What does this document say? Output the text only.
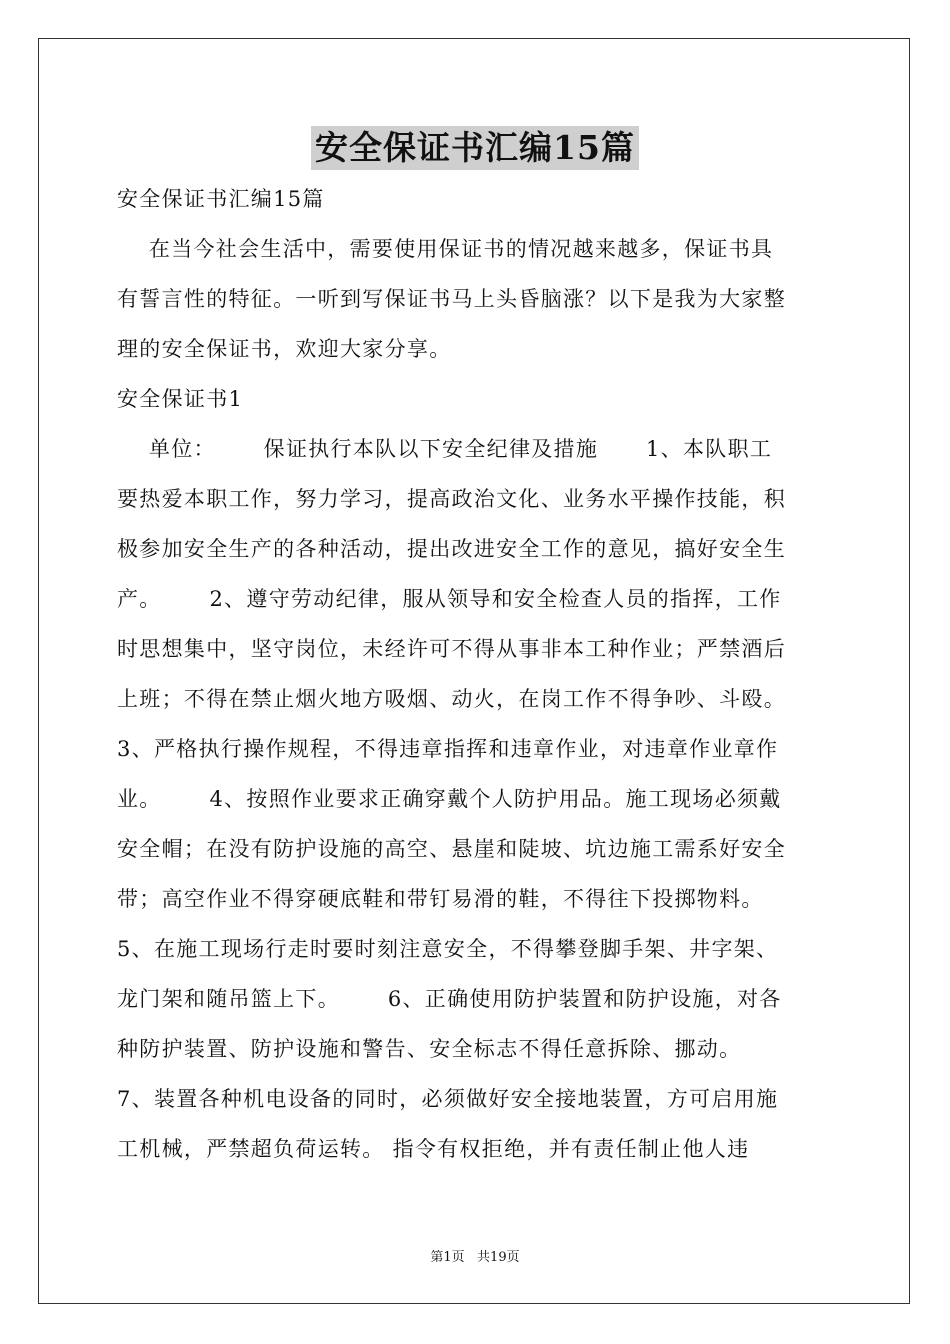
安全保证书汇编15篇
安全保证书汇编15篇
在当今社会生活中，需要使用保证书的情况越来越多，保证书具
有誓言性的特征。一听到写保证书马上头昏脑涨？以下是我为大家整
理的安全保证书，欢迎大家分享。
安全保证书1
单位：      保证执行本队以下安全纪律及措施      1、本队职工
要热爱本职工作，努力学习，提高政治文化、业务水平操作技能，积
极参加安全生产的各种活动，提出改进安全工作的意见，搞好安全生
产。      2、遵守劳动纪律，服从领导和安全检查人员的指挥，工作
时思想集中，坚守岗位，未经许可不得从事非本工种作业；严禁酒后
上班；不得在禁止烟火地方吸烟、动火，在岗工作不得争吵、斗殴。
3、严格执行操作规程，不得违章指挥和违章作业，对违章作业章作
业。      4、按照作业要求正确穿戴个人防护用品。施工现场必须戴
安全帽；在没有防护设施的高空、悬崖和陡坡、坑边施工需系好安全
带；高空作业不得穿硬底鞋和带钉易滑的鞋，不得往下投掷物料。
5、在施工现场行走时要时刻注意安全，不得攀登脚手架、井字架、
龙门架和随吊篮上下。      6、正确使用防护装置和防护设施，对各
种防护装置、防护设施和警告、安全标志不得任意拆除、挪动。
7、装置各种机电设备的同时，必须做好安全接地装置，方可启用施
工机械，严禁超负荷运转。 指令有权拒绝，并有责任制止他人违
第1页   共19页
